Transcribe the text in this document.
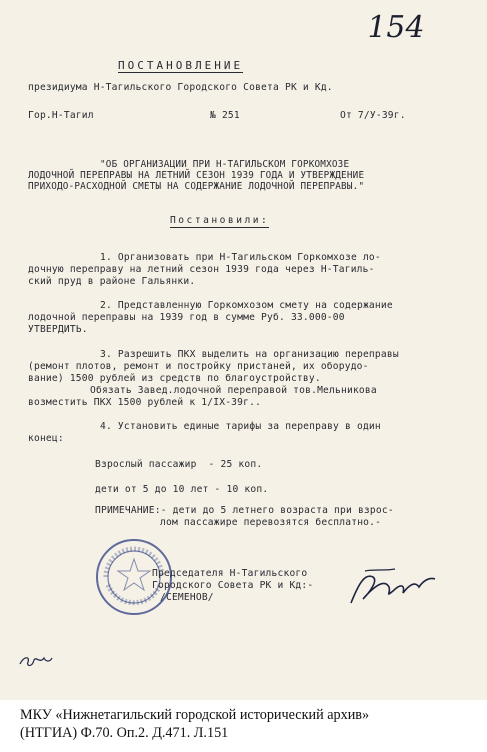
154
ПОСТАНОВЛЕНИЕ
президиума Н-Тагильского Городского Совета РК и Кд.
Гор.Н-Тагил	№ 251	От 7/У-39г.
"ОБ ОРГАНИЗАЦИИ ПРИ Н-ТАГИЛЬСКОМ ГОРКОМХОЗЕ
ЛОДОЧНОЙ ПЕРЕПРАВЫ НА ЛЕТНИЙ СЕЗОН 1939 ГОДА И УТВЕРЖДЕНИЕ
ПРИХОДО-РАСХОДНОЙ СМЕТЫ НА СОДЕРЖАНИЕ ЛОДОЧНОЙ ПЕРЕПРАВЫ."
Постановили:
1. Организовать при Н-Тагильском Горкомхозе ло-
дочную переправу на летний сезон 1939 года через Н-Тагиль-
ский пруд в районе Гальянки.
2. Представленную Горкомхозом смету на содержание
лодочной переправы на 1939 год в сумме Руб. 33.000-00
УТВЕРДИТЬ.
3. Разрешить ПКХ выделить на организацию переправы
(ремонт плотов, ремонт и постройку пристаней, их оборудо-
вание) 1500 рублей из средств по благоустройству.
Обязать Завед.лодочной переправой тов.Мельникова
возместить ПКХ 1500 рублей к 1/IX-39г..
4. Установить единые тарифы за переправу в один
конец:
Взрослый пассажир  - 25 коп.
дети от 5 до 10 лет - 10 коп.
ПРИМЕЧАНИЕ:- дети до 5 летнего возраста при взрос-
лом пассажире перевозятся бесплатно.-
Председателя Н-Тагильского
Городского Совета РК и Кд:-
/СЕМЕНОВ/
МКУ «Нижнетагильский городской исторический архив»
(НТГИА) Ф.70. Оп.2. Д.471. Л.151
